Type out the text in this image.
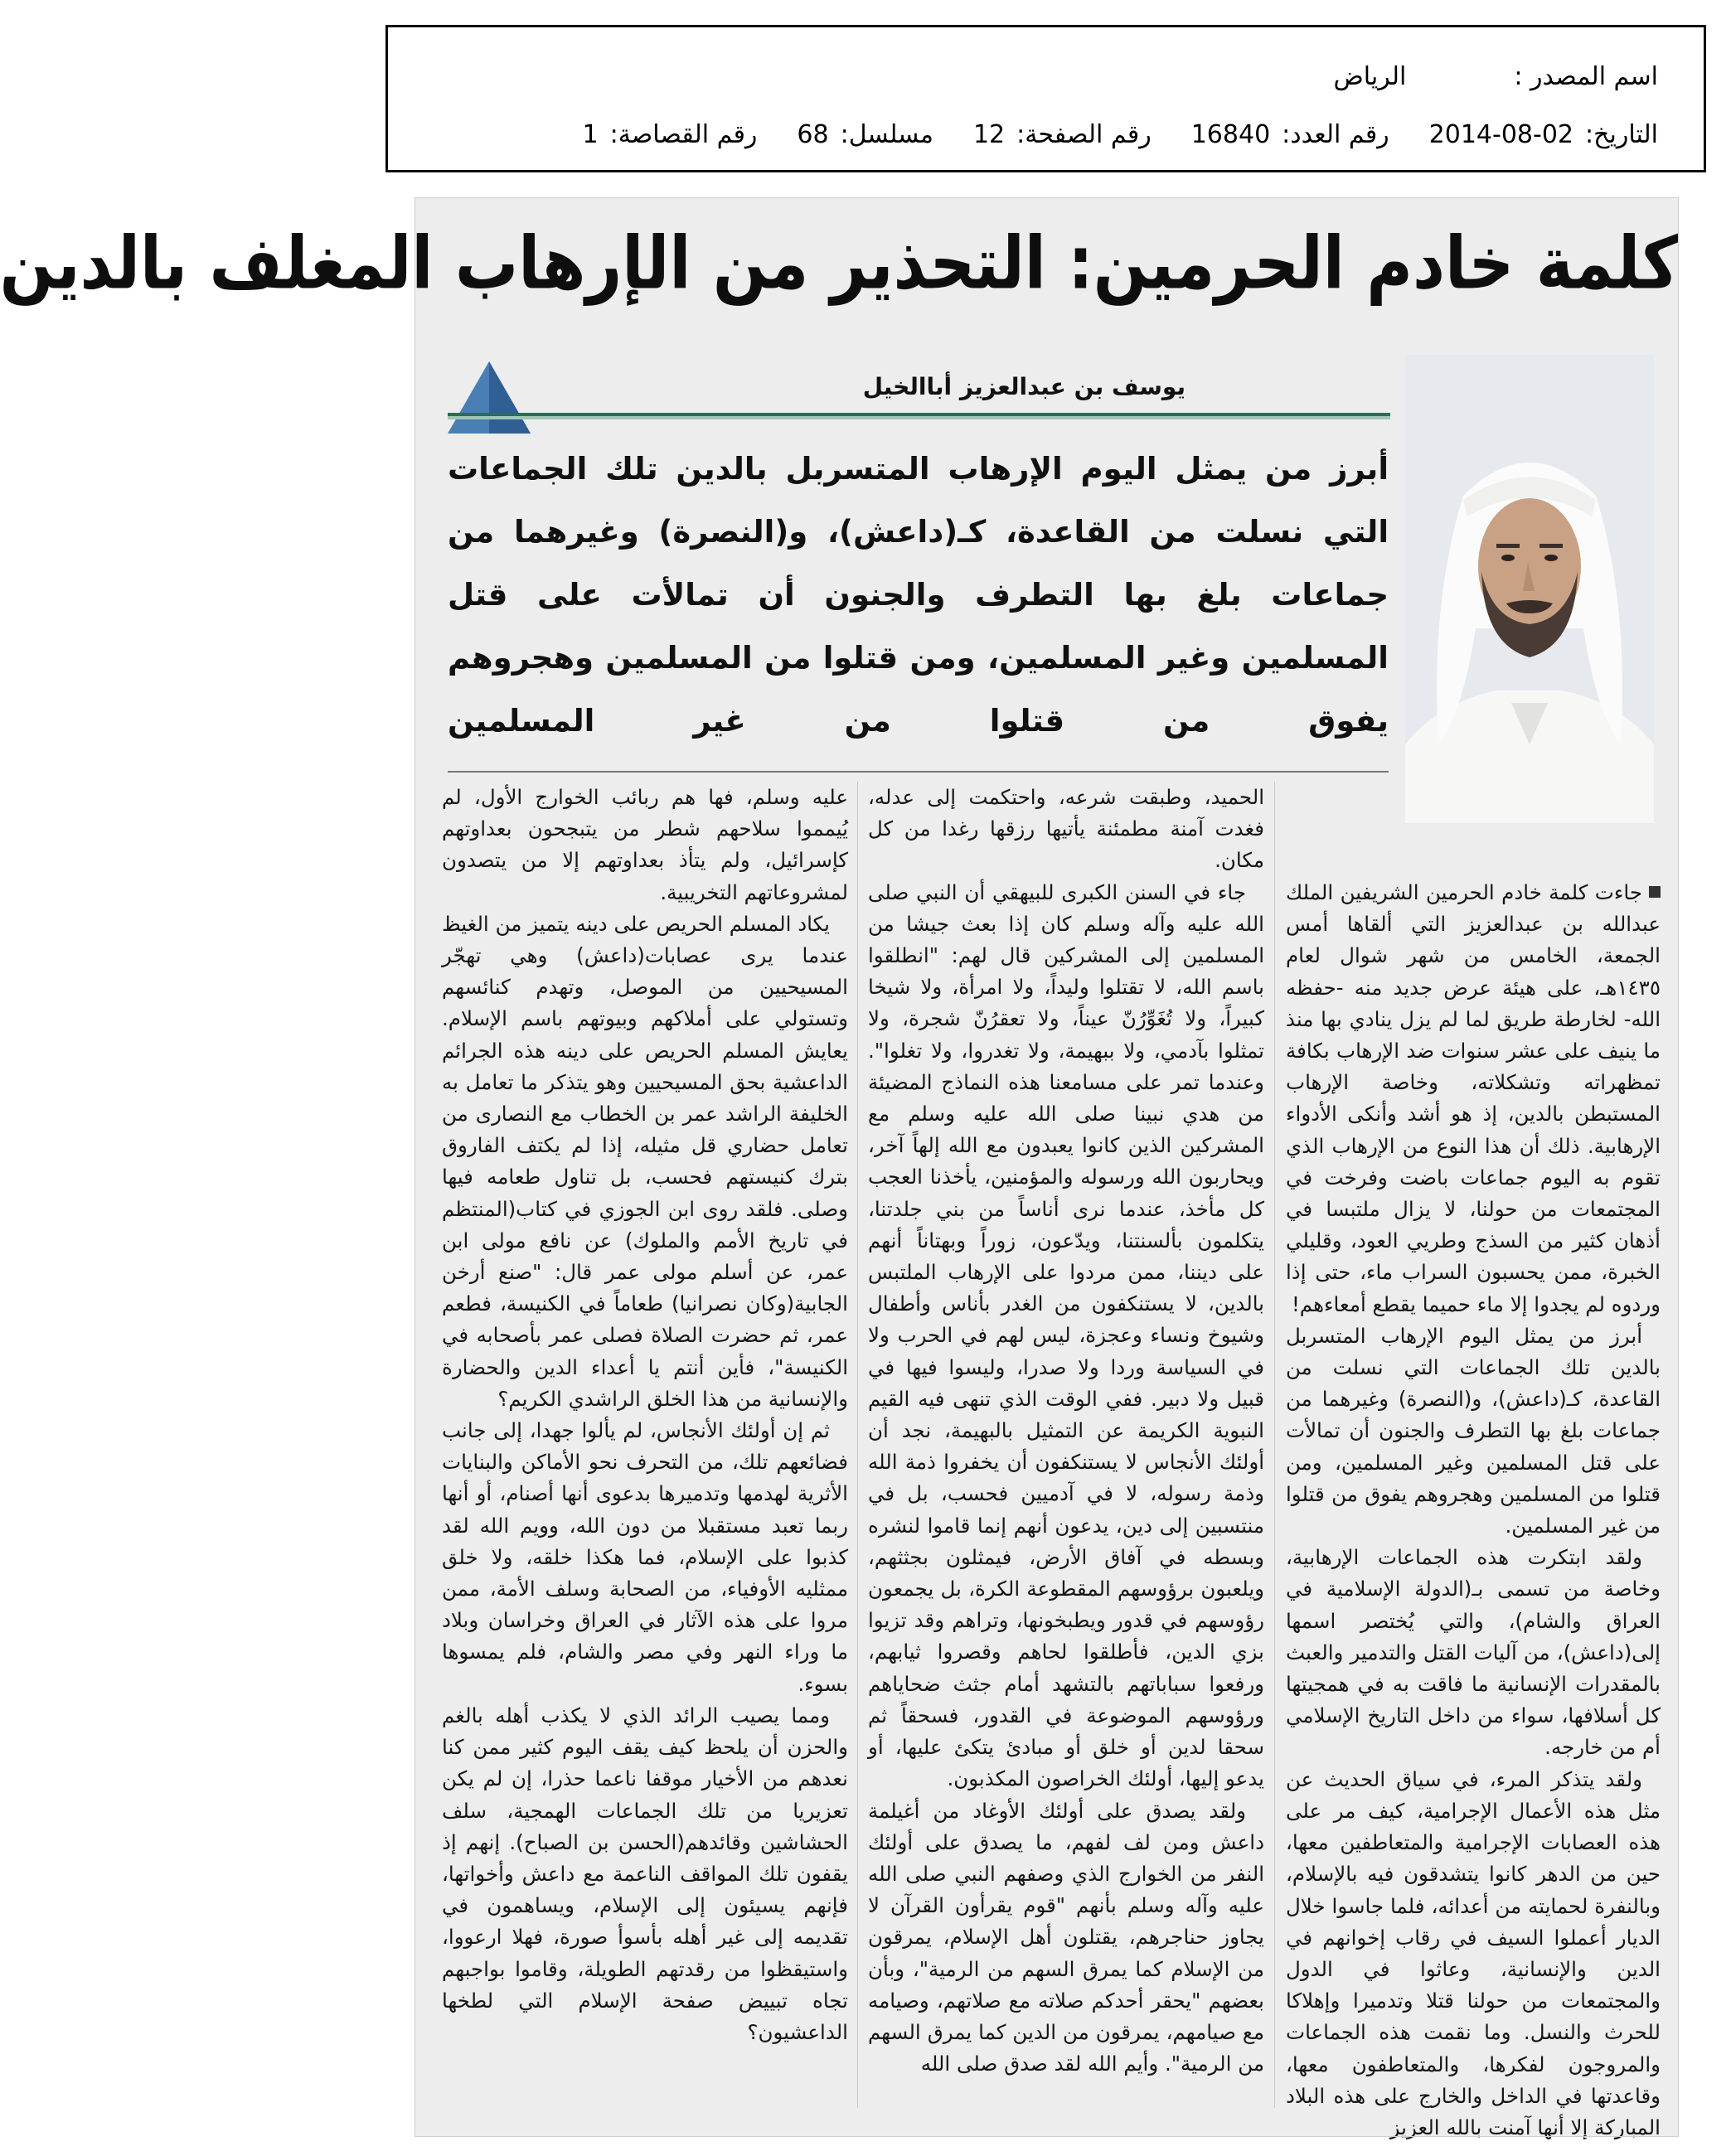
اسم المصدر :الرياض
التاريخ:2014-08-02رقم العدد:16840رقم الصفحة:12مسلسل:68رقم القصاصة:1
كلمة خادم الحرمين: التحذير من الإرهاب المغلف بالدين
يوسف بن عبدالعزيز أباالخيل
أبرز من يمثل اليوم الإرهاب المتسربل بالدين تلك الجماعات التي نسلت من القاعدة، كـ(داعش)، و(النصرة) وغيرهما من جماعات بلغ بها التطرف والجنون أن تمالأت على قتل المسلمين وغير المسلمين، ومن قتلوا من المسلمين وهجروهم يفوق من قتلوا من غير المسلمين

جاءت كلمة خادم الحرمين الشريفين الملك عبدالله بن عبدالعزيز التي ألقاها أمس الجمعة، الخامس من شهر شوال لعام ١٤٣٥هـ، على هيئة عرض جديد منه -حفظه الله- لخارطة طريق لما لم يزل ينادي بها منذ ما ينيف على عشر سنوات ضد الإرهاب بكافة تمظهراته وتشكلاته، وخاصة الإرهاب المستبطن بالدين، إذ هو أشد وأنكى الأدواء الإرهابية. ذلك أن هذا النوع من الإرهاب الذي تقوم به اليوم جماعات باضت وفرخت في المجتمعات من حولنا، لا يزال ملتبسا في أذهان كثير من السذج وطريي العود، وقليلي الخبرة، ممن يحسبون السراب ماء، حتى إذا وردوه لم يجدوا إلا ماء حميما يقطع أمعاءهم!

أبرز من يمثل اليوم الإرهاب المتسربل بالدين تلك الجماعات التي نسلت من القاعدة، كـ(داعش)، و(النصرة) وغيرهما من جماعات بلغ بها التطرف والجنون أن تمالأت على قتل المسلمين وغير المسلمين، ومن قتلوا من المسلمين وهجروهم يفوق من قتلوا من غير المسلمين.

ولقد ابتكرت هذه الجماعات الإرهابية، وخاصة من تسمى بـ(الدولة الإسلامية في العراق والشام)، والتي يُختصر اسمها إلى(داعش)، من آليات القتل والتدمير والعبث بالمقدرات الإنسانية ما فاقت به في همجيتها كل أسلافها، سواء من داخل التاريخ الإسلامي أم من خارجه.

ولقد يتذكر المرء، في سياق الحديث عن مثل هذه الأعمال الإجرامية، كيف مر على هذه العصابات الإجرامية والمتعاطفين معها، حين من الدهر كانوا يتشدقون فيه بالإسلام، وبالنفرة لحمايته من أعدائه، فلما جاسوا خلال الديار أعملوا السيف في رقاب إخوانهم في الدين والإنسانية، وعاثوا في الدول والمجتمعات من حولنا قتلا وتدميرا وإهلاكا للحرث والنسل. وما نقمت هذه الجماعات والمروجون لفكرها، والمتعاطفون معها، وقاعدتها في الداخل والخارج على هذه البلاد المباركة إلا أنها آمنت بالله العزيز

الحميد، وطبقت شرعه، واحتكمت إلى عدله، فغدت آمنة مطمئنة يأتيها رزقها رغدا من كل مكان.

جاء في السنن الكبرى للبيهقي أن النبي صلى الله عليه وآله وسلم كان إذا بعث جيشا من المسلمين إلى المشركين قال لهم: "انطلقوا باسم الله، لا تقتلوا وليداً، ولا امرأة، ولا شيخا كبيراً، ولا تُغَوِّرُنّ عيناً، ولا تعقرُنّ شجرة، ولا تمثلوا بآدمي، ولا ببهيمة، ولا تغدروا، ولا تغلوا". وعندما تمر على مسامعنا هذه النماذج المضيئة من هدي نبينا صلى الله عليه وسلم مع المشركين الذين كانوا يعبدون مع الله إلهاً آخر، ويحاربون الله ورسوله والمؤمنين، يأخذنا العجب كل مأخذ، عندما نرى أناساً من بني جلدتنا، يتكلمون بألسنتنا، ويدّعون، زوراً وبهتاناً أنهم على ديننا، ممن مردوا على الإرهاب الملتبس بالدين، لا يستنكفون من الغدر بأناس وأطفال وشيوخ ونساء وعجزة، ليس لهم في الحرب ولا في السياسة وردا ولا صدرا، وليسوا فيها في قبيل ولا دبير. ففي الوقت الذي تنهى فيه القيم النبوية الكريمة عن التمثيل بالبهيمة، نجد أن أولئك الأنجاس لا يستنكفون أن يخفروا ذمة الله وذمة رسوله، لا في آدميين فحسب، بل في منتسبين إلى دين، يدعون أنهم إنما قاموا لنشره وبسطه في آفاق الأرض، فيمثلون بجثثهم، ويلعبون برؤوسهم المقطوعة الكرة، بل يجمعون رؤوسهم في قدور ويطبخونها، وتراهم وقد تزيوا بزي الدين، فأطلقوا لحاهم وقصروا ثيابهم، ورفعوا سباباتهم بالتشهد أمام جثث ضحاياهم ورؤوسهم الموضوعة في القدور، فسحقاً ثم سحقا لدين أو خلق أو مبادئ يتكئ عليها، أو يدعو إليها، أولئك الخراصون المكذبون.

ولقد يصدق على أولئك الأوغاد من أغيلمة داعش ومن لف لفهم، ما يصدق على أولئك النفر من الخوارج الذي وصفهم النبي صلى الله عليه وآله وسلم بأنهم "قوم يقرأون القرآن لا يجاوز حناجرهم، يقتلون أهل الإسلام، يمرقون من الإسلام كما يمرق السهم من الرمية"، وبأن بعضهم "يحقر أحدكم صلاته مع صلاتهم، وصيامه مع صيامهم، يمرقون من الدين كما يمرق السهم من الرمية". وأيم الله لقد صدق صلى الله

عليه وسلم، فها هم ربائب الخوارج الأول، لم يُيمموا سلاحهم شطر من يتبجحون بعداوتهم كإسرائيل، ولم يتأذ بعداوتهم إلا من يتصدون لمشروعاتهم التخريبية.

يكاد المسلم الحريص على دينه يتميز من الغيظ عندما يرى عصابات(داعش) وهي تهجّر المسيحيين من الموصل، وتهدم كنائسهم وتستولي على أملاكهم وبيوتهم باسم الإسلام. يعايش المسلم الحريص على دينه هذه الجرائم الداعشية بحق المسيحيين وهو يتذكر ما تعامل به الخليفة الراشد عمر بن الخطاب مع النصارى من تعامل حضاري قل مثيله، إذا لم يكتف الفاروق بترك كنيستهم فحسب، بل تناول طعامه فيها وصلى. فلقد روى ابن الجوزي في كتاب(المنتظم في تاريخ الأمم والملوك) عن نافع مولى ابن عمر، عن أسلم مولى عمر قال: "صنع أرخن الجابية(وكان نصرانيا) طعاماً في الكنيسة، فطعم عمر، ثم حضرت الصلاة فصلى عمر بأصحابه في الكنيسة"، فأين أنتم يا أعداء الدين والحضارة والإنسانية من هذا الخلق الراشدي الكريم؟

ثم إن أولئك الأنجاس، لم يألوا جهدا، إلى جانب فضائعهم تلك، من التحرف نحو الأماكن والبنايات الأثرية لهدمها وتدميرها بدعوى أنها أصنام، أو أنها ربما تعبد مستقبلا من دون الله، وويم الله لقد كذبوا على الإسلام، فما هكذا خلقه، ولا خلق ممثليه الأوفياء، من الصحابة وسلف الأمة، ممن مروا على هذه الآثار في العراق وخراسان وبلاد ما وراء النهر وفي مصر والشام، فلم يمسوها بسوء.

ومما يصيب الرائد الذي لا يكذب أهله بالغم والحزن أن يلحظ كيف يقف اليوم كثير ممن كنا نعدهم من الأخيار موقفا ناعما حذرا، إن لم يكن تعزيريا من تلك الجماعات الهمجية، سلف الحشاشين وقائدهم(الحسن بن الصباح). إنهم إذ يقفون تلك المواقف الناعمة مع داعش وأخواتها، فإنهم يسيئون إلى الإسلام، ويساهمون في تقديمه إلى غير أهله بأسوأ صورة، فهلا ارعووا، واستيقظوا من رقدتهم الطويلة، وقاموا بواجبهم تجاه تبييض صفحة الإسلام التي لطخها الداعشيون؟
